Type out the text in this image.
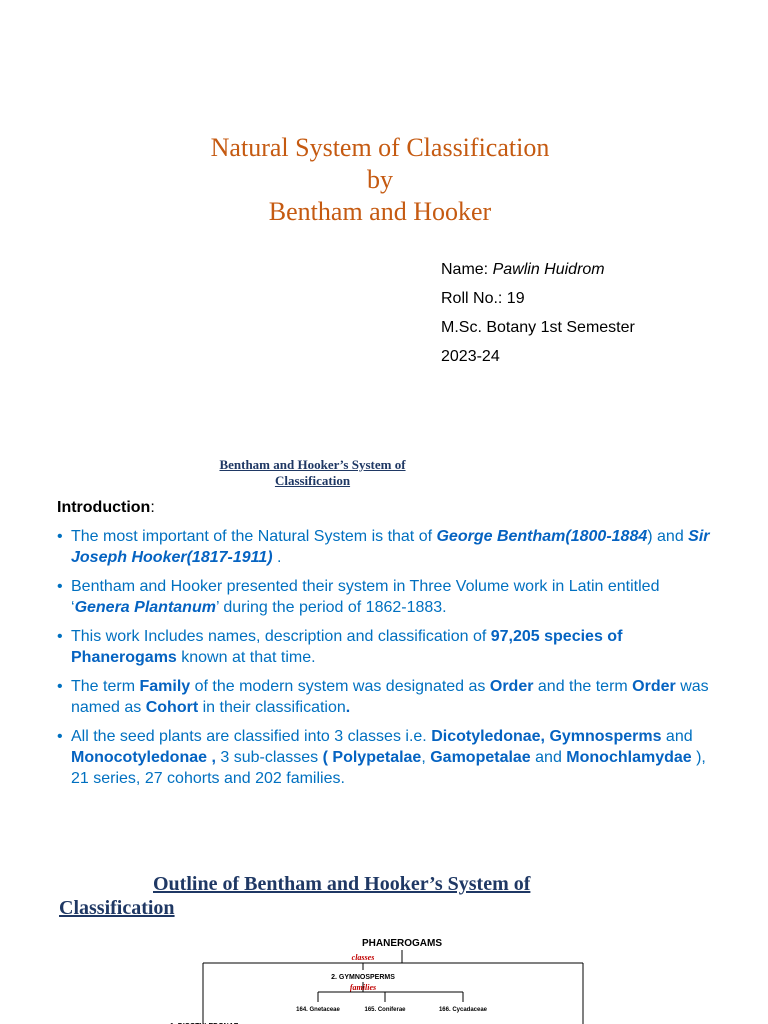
Natural System of Classification
by
Bentham and Hooker
Name: Pawlin Huidrom
Roll No.: 19
M.Sc. Botany 1st Semester
2023-24
Bentham and Hooker’s System of Classification
Introduction:
• The most important of the Natural System is that of George Bentham(1800-1884) and Sir Joseph Hooker(1817-1911) .
• Bentham and Hooker presented their system in Three Volume work in Latin entitled ‘Genera Plantanum’ during the period of 1862-1883.
• This work Includes names, description and classification of 97,205 species of Phanerogams known at that time.
• The term Family of the modern system was designated as Order and the term Order was named as Cohort in their classification.
• All the seed plants are classified into 3 classes i.e. Dicotyledonae, Gymnosperms and Monocotyledonae , 3 sub-classes ( Polypetalae, Gamopetalae and Monochlamydae ), 21 series, 27 cohorts and 202 families.
Outline of Bentham and Hooker’s System of
Classification
PHANEROGAMS
classes
2. GYMNOSPERMS
families
164. Gnetaceae	165. Coniferae	166. Cycadaceae
